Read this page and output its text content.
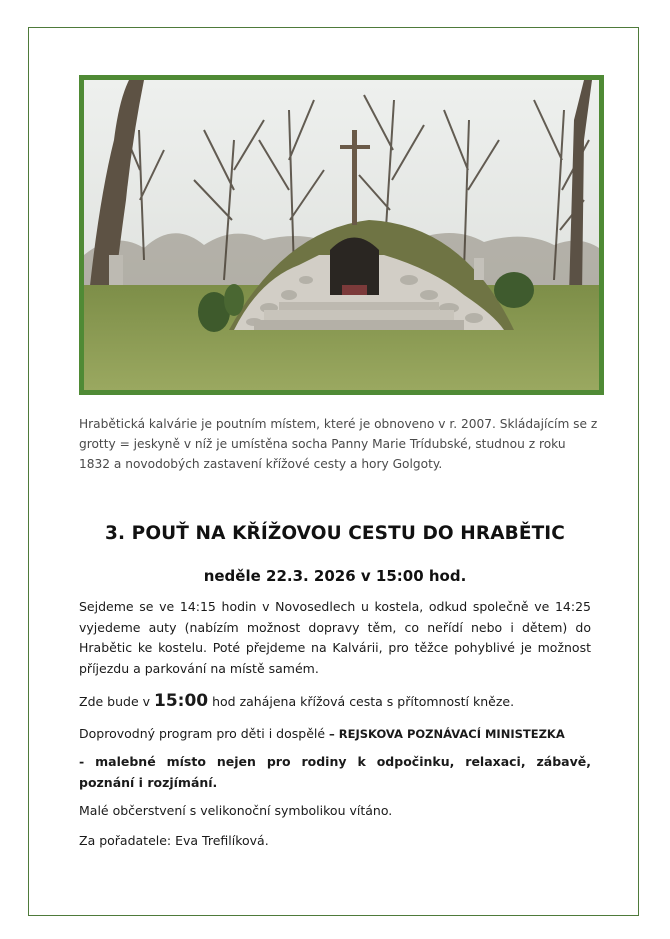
Hrabětická kalvárie je poutním místem, které je obnoveno v r. 2007. Skládajícím se z grotty = jeskyně v níž je umístěna socha Panny Marie Trídubské, studnou z roku 1832 a novodobých zastavení křížové cesty a hory Golgoty.
3. POUŤ NA KŘÍŽOVOU CESTU DO HRABĚTIC
neděle 22.3. 2026 v 15:00 hod.
Sejdeme se ve 14:15 hodin v Novosedlech u kostela, odkud společně ve 14:25 vyjedeme auty (nabízím možnost dopravy těm, co neřídí nebo i dětem) do Hrabětic ke kostelu. Poté přejdeme na Kalvárii, pro těžce pohyblivé je možnost příjezdu a parkování na místě samém.
Zde bude v 15:00 hod zahájena křížová cesta s přítomností kněze.
Doprovodný program pro děti i dospělé – REJSKOVA POZNÁVACÍ MINISTEZKA
- malebné místo nejen pro rodiny k odpočinku, relaxaci, zábavě, poznání i rozjímání.
Malé občerstvení s velikonoční symbolikou vítáno.
Za pořadatele: Eva Trefilíková.
